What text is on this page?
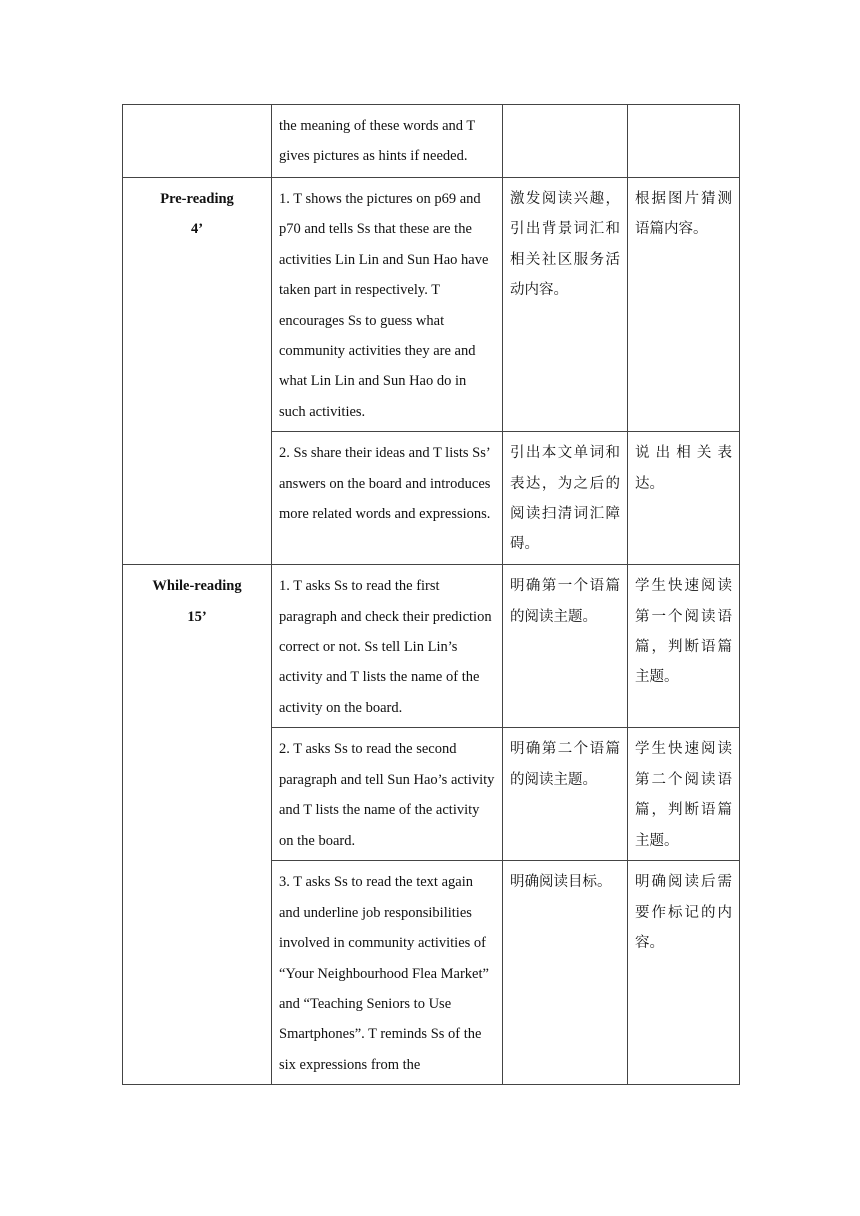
	the meaning of these words and T gives pictures as hints if needed.		

Pre-reading
4’	1. T shows the pictures on p69 and p70 and tells Ss that these are the activities Lin Lin and Sun Hao have taken part in respectively. T encourages Ss to guess what community activities they are and what Lin Lin and Sun Hao do in such activities.	激发阅读兴趣，引出背景词汇和相关社区服务活动内容。	根据图片猜测语篇内容。
	2. Ss share their ideas and T lists Ss’ answers on the board and introduces more related words and expressions.	引出本文单词和表达，为之后的阅读扫清词汇障碍。	说出相关表达。

While-reading
15’	1. T asks Ss to read the first paragraph and check their prediction correct or not. Ss tell Lin Lin’s activity and T lists the name of the activity on the board.	明确第一个语篇的阅读主题。	学生快速阅读第一个阅读语篇，判断语篇主题。
	2. T asks Ss to read the second paragraph and tell Sun Hao’s activity and T lists the name of the activity on the board.	明确第二个语篇的阅读主题。	学生快速阅读第二个阅读语篇，判断语篇主题。
	3. T asks Ss to read the text again and underline job responsibilities involved in community activities of “Your Neighbourhood Flea Market” and “Teaching Seniors to Use Smartphones”. T reminds Ss of the six expressions from the	明确阅读目标。	明确阅读后需要作标记的内容。
